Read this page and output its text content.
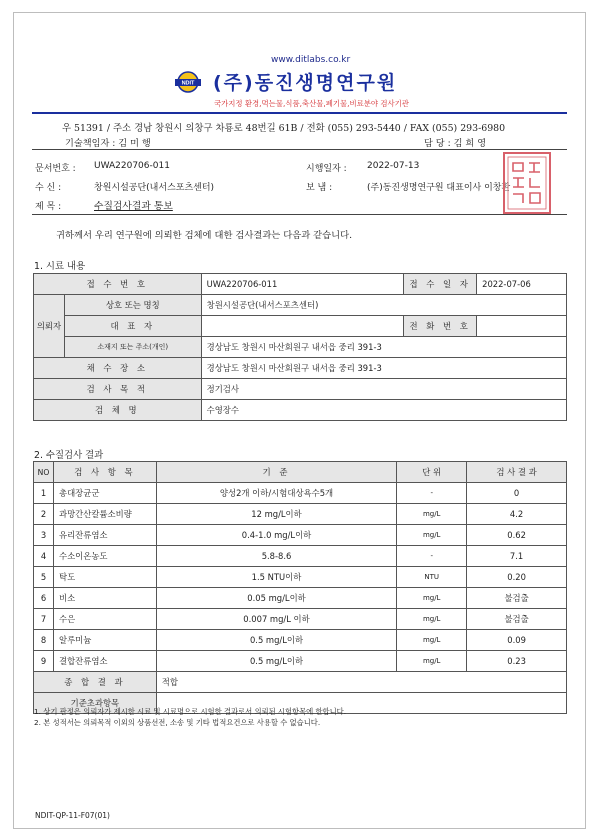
www.ditlabs.co.kr
NDIT (주)동진생명연구원
국가지정 환경,먹는물,식품,축산물,폐기물,비료분야 검사기관
우 51391 / 주소 경남 창원시 의창구 차룡로 48번길 61B / 전화 (055) 293-5440 / FAX (055) 293-6980
기술책임자 : 김 미 행	담 당 : 김 희 영
문서번호 : UWA220706-011	시행일자 : 2022-07-13
수 신 :	창원시설공단(내서스포츠센터)	보 냄 :	(주)동진생명연구원 대표이사 이창환
제 목 :	수질검사결과 통보
귀하께서 우리 연구원에 의뢰한 검체에 대한 검사결과는 다음과 같습니다.
1. 시료 내용
접 수 번 호		UWA220706-011	접 수 일 자	2022-07-06
의뢰자	상호 또는 명칭	창원시설공단(내서스포츠센터)		
	대 표 자		전 화 번 호	
	소재지 또는 주소(개인)	경상남도 창원시 마산회원구 내서읍 중리 391-3		
채 수 장 소		경상남도 창원시 마산회원구 내서읍 중리 391-3		
검 사 목 적		정기검사		
검 체 명		수영장수		
2. 수질검사 결과
NO	검 사 항 목	기 준	단 위	검 사 결 과
1	총대장균군	양성2개 이하/시험대상욕수5개	-	0
2	과망간산칼륨소비량	12 mg/L이하	mg/L	4.2
3	유리잔류염소	0.4-1.0 mg/L이하	mg/L	0.62
4	수소이온농도	5.8-8.6	-	7.1
5	탁도	1.5 NTU이하	NTU	0.20
6	비소	0.05 mg/L이하	mg/L	불검출
7	수은	0.007 mg/L 이하	mg/L	불검출
8	알루미늄	0.5 mg/L이하	mg/L	0.09
9	결합잔류염소	0.5 mg/L이하	mg/L	0.23
종 합 결 과		적합		
기준초과항목				
1. 상기 판정은 의뢰자가 제시한 시료 및 시료명으로 시험한 결과로서 의뢰된 시험항목에 한합니다.
2. 본 성적서는 의뢰목적 이외의 상품선전, 소송 및 기타 법적요건으로 사용할 수 없습니다.
NDIT-QP-11-F07(01)
